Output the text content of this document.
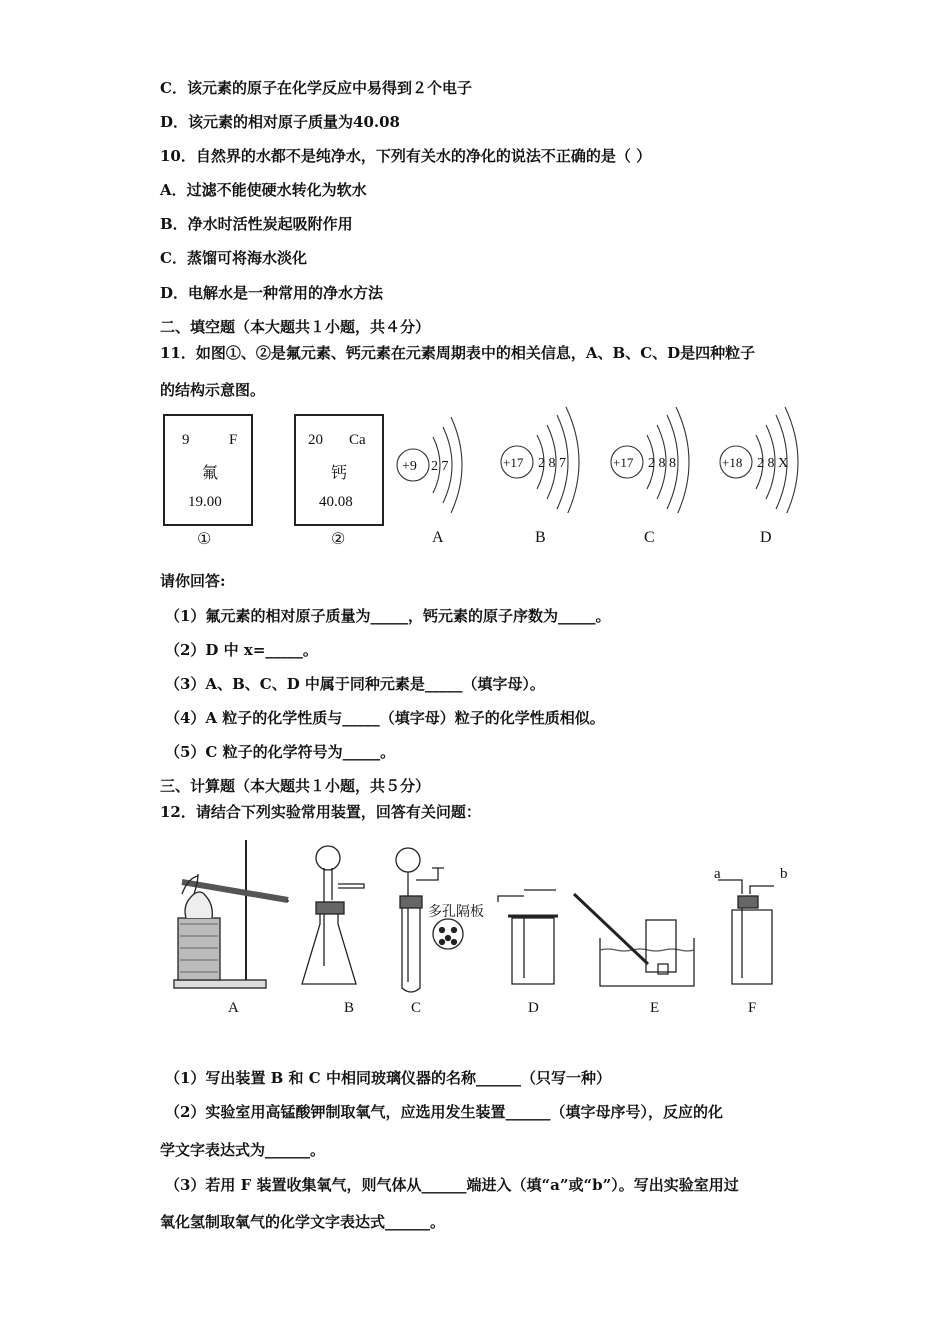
C．该元素的原子在化学反应中易得到２个电子
D．该元素的相对原子质量为40.08
10．自然界的水都不是纯净水，下列有关水的净化的说法不正确的是（ ）
A．过滤不能使硬水转化为软水
B．净水时活性炭起吸附作用
C．蒸馏可将海水淡化
D．电解水是一种常用的净水方法
二、填空题（本大题共１小题，共４分）
11．如图①、②是氟元素、钙元素在元素周期表中的相关信息，A、B、C、D是四种粒子
的结构示意图。
9	F
氟
19.00
20 Ca
钙
40.08
①	②
+9 2 7	+17 2 8 7	+17 2 8 8	+18 2 8 X
A	B	C	D
请你回答:
（1）氟元素的相对原子质量为_____，钙元素的原子序数为_____。
（2）D 中 x=_____。
（3）A、B、C、D 中属于同种元素是_____（填字母）。
（4）A 粒子的化学性质与_____（填字母）粒子的化学性质相似。
（5）C 粒子的化学符号为_____。
三、计算题（本大题共１小题，共５分）
12．请结合下列实验常用装置，回答有关问题：
多孔隔板
a	b
A	B	C	D	E	F
（1）写出装置 B 和 C 中相同玻璃仪器的名称______（只写一种）
（2）实验室用高锰酸钾制取氧气，应选用发生装置______（填字母序号），反应的化
学文字表达式为______。
（3）若用 F 装置收集氧气，则气体从______端进入（填“a”或“b”）。写出实验室用过
氧化氢制取氧气的化学文字表达式______。
